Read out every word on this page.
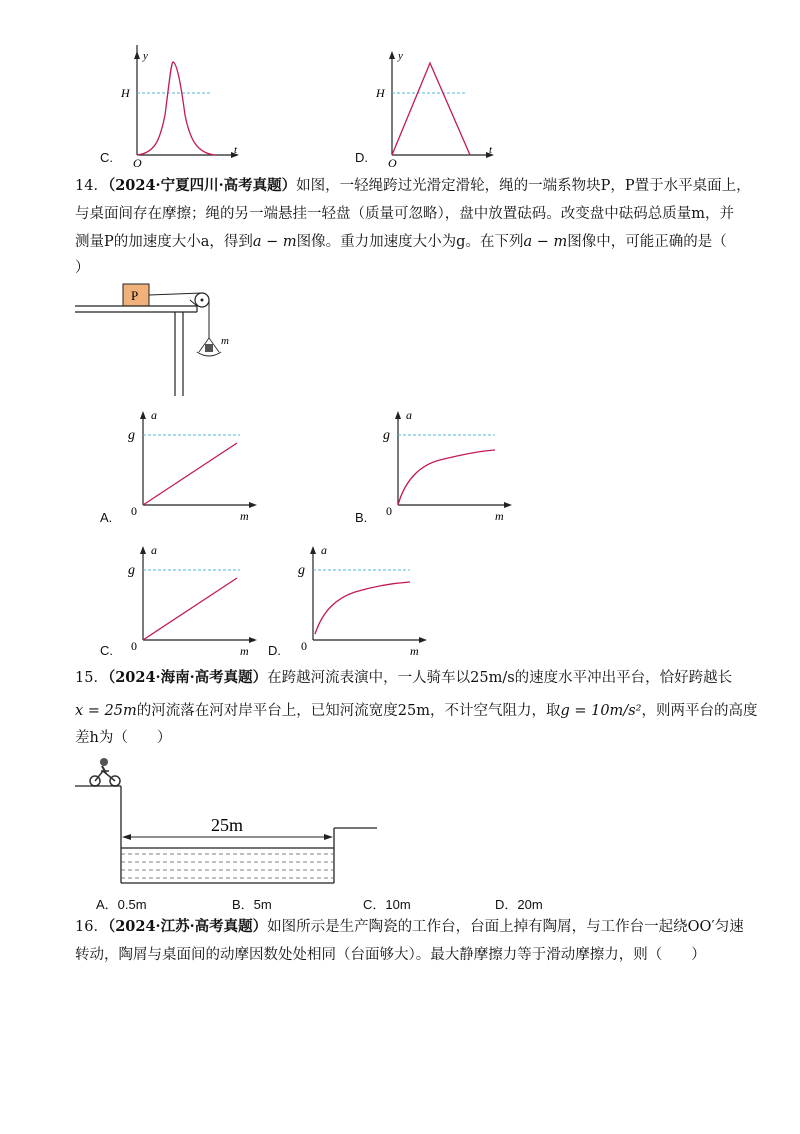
y
H
O
t
C.
y
H
O
t
D.
14．（2024·宁夏四川·高考真题）如图，一轻绳跨过光滑定滑轮，绳的一端系物块P，P置于水平桌面上，
与桌面间存在摩擦；绳的另一端悬挂一轻盘（质量可忽略），盘中放置砝码。改变盘中砝码总质量m，并
测量P的加速度大小a，得到a − m图像。重力加速度大小为g。在下列a − m图像中，可能正确的是（
）
P
m
a
g
0	m
A.
a
g
0	m
B.
a
g
0	m
C.
a
g
0	m
D.
15．（2024·海南·高考真题）在跨越河流表演中，一人骑车以25m/s的速度水平冲出平台，恰好跨越长
x = 25m的河流落在河对岸平台上，已知河流宽度25m，不计空气阻力，取g = 10m/s²，则两平台的高度
差h为（　　）
25m
A．0.5m	B．5m	C．10m	D．20m
16．（2024·江苏·高考真题）如图所示是生产陶瓷的工作台，台面上掉有陶屑，与工作台一起绕OO′匀速
转动，陶屑与桌面间的动摩因数处处相同（台面够大）。最大静摩擦力等于滑动摩擦力，则（　　）
